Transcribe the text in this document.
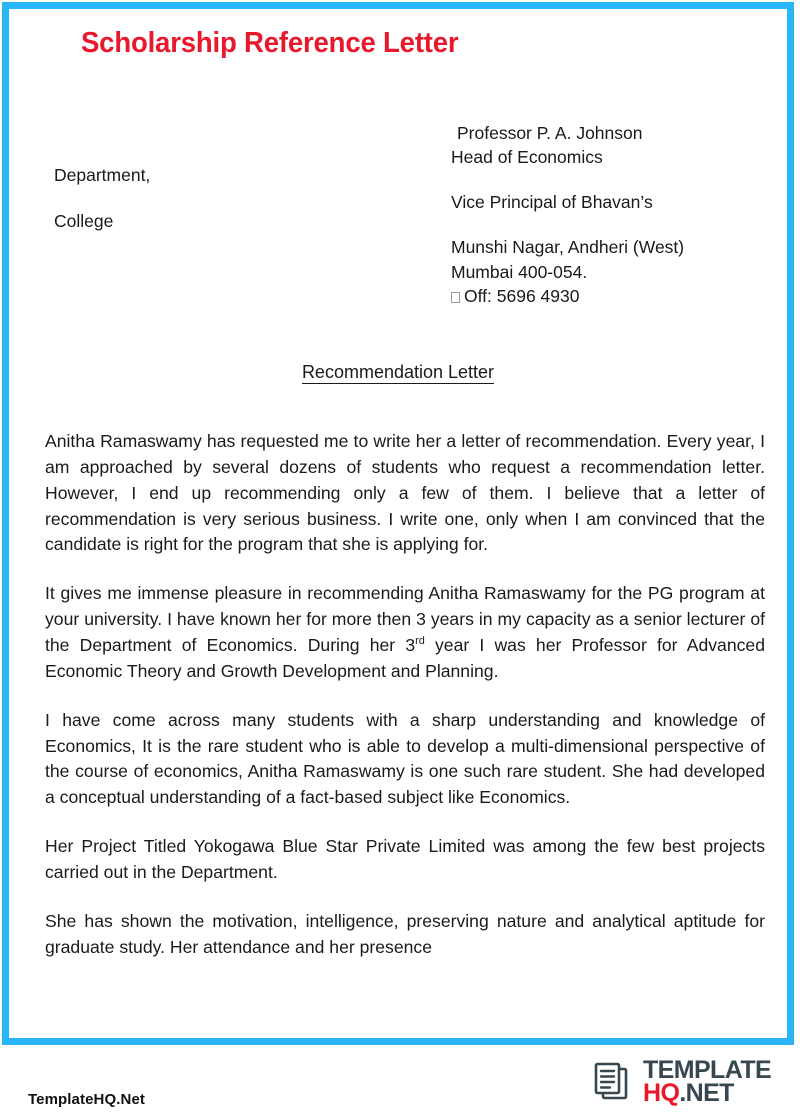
Scholarship Reference Letter
Department,
College
Professor P. A. Johnson
Head of Economics
Vice Principal of Bhavan’s
Munshi Nagar, Andheri (West)
Mumbai 400-054.
Off: 5696 4930
Recommendation Letter

Anitha Ramaswamy has requested me to write her a letter of recommendation. Every year, I am approached by several dozens of students who request a recommendation letter. However, I end up recommending only a few of them. I believe that a letter of recommendation is very serious business. I write one, only when I am convinced that the candidate is right for the program that she is applying for.

It gives me immense pleasure in recommending Anitha Ramaswamy for the PG program at your university. I have known her for more then 3 years in my capacity as a senior lecturer of the Department of Economics. During her 3rd year I was her Professor for Advanced Economic Theory and Growth Development and Planning.

I have come across many students with a sharp understanding and knowledge of Economics, It is the rare student who is able to develop a multi-dimensional perspective of the course of economics, Anitha Ramaswamy is one such rare student. She had developed a conceptual understanding of a fact-based subject like Economics.

Her Project Titled Yokogawa Blue Star Private Limited was among the few best projects carried out in the Department.

She has shown the motivation, intelligence, preserving nature and analytical aptitude for graduate study. Her attendance and her presence

TemplateHQ.Net
TEMPLATE
HQ.NET
